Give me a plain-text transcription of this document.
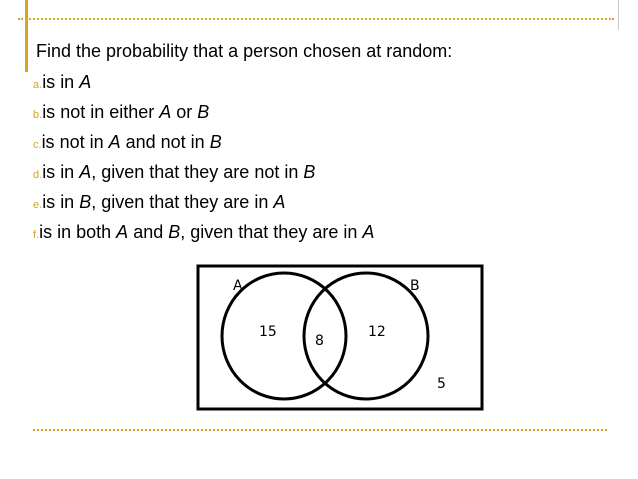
Find the probability that a person chosen at random:
a.is in A
b.is not in either A or B
c.is not in A and not in B
d.is in A, given that they are not in B
e.is in B, given that they are in A
f.is in both A and B, given that they are in A
A	B
15
8
12
5
